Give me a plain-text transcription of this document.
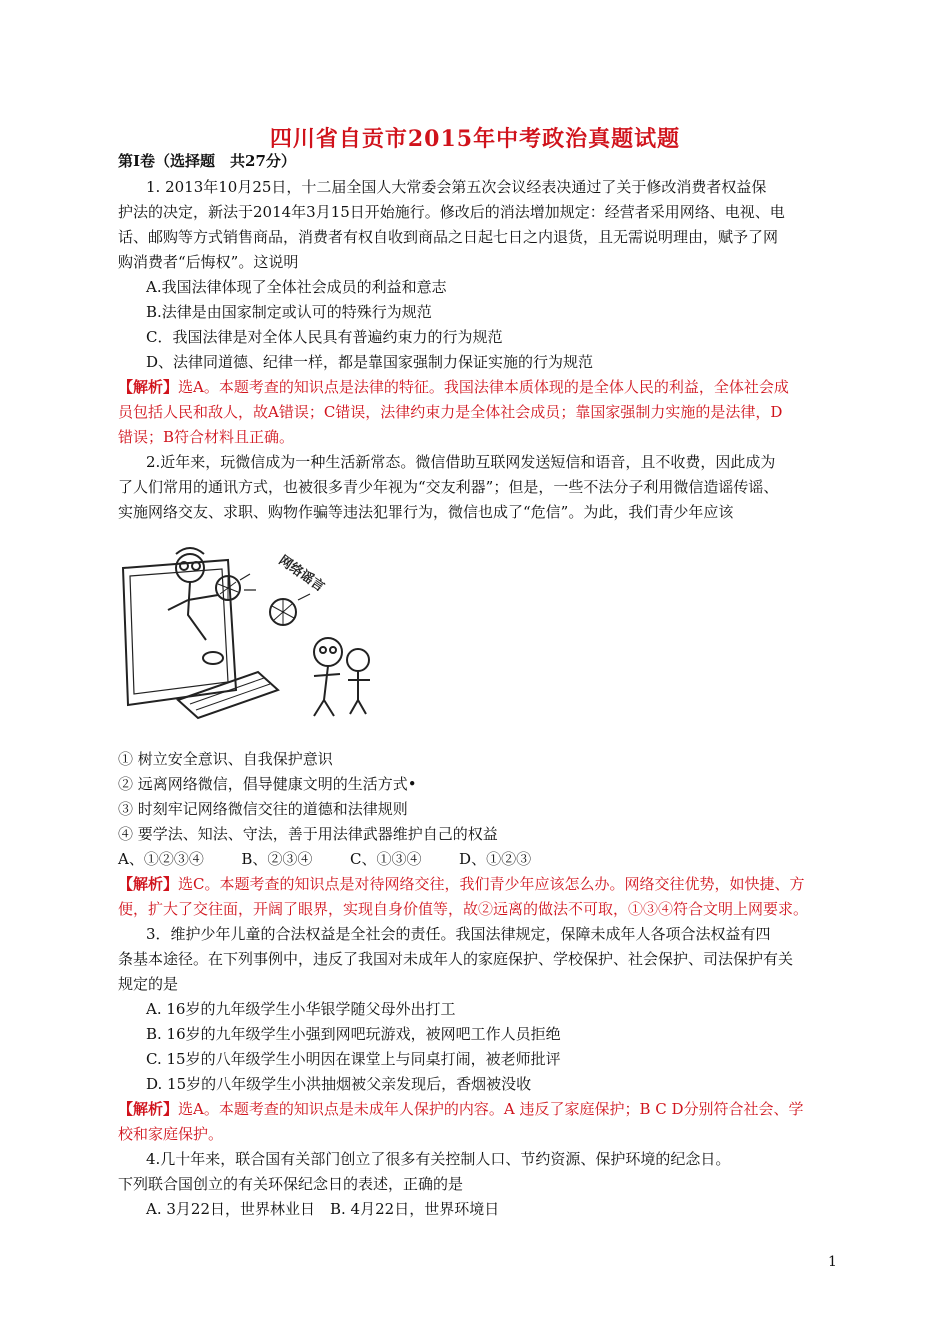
四川省自贡市2015年中考政治真题试题
第Ⅰ卷（选择题　共27分）
1. 2013年10月25日，十二届全国人大常委会第五次会议经表决通过了关于修改消费者权益保
护法的决定，新法于2014年3月15日开始施行。修改后的消法增加规定：经营者采用网络、电视、电
话、邮购等方式销售商品，消费者有权自收到商品之日起七日之内退货，且无需说明理由，赋予了网
购消费者“后悔权”。这说明
A.我国法律体现了全体社会成员的利益和意志
B.法律是由国家制定或认可的特殊行为规范
C．我国法律是对全体人民具有普遍约束力的行为规范
D、法律同道德、纪律一样，都是靠国家强制力保证实施的行为规范
【解析】选A。本题考查的知识点是法律的特征。我国法律本质体现的是全体人民的利益，全体社会成
员包括人民和敌人，故A错误；C错误，法律约束力是全体社会成员；靠国家强制力实施的是法律，D
错误；B符合材料且正确。
2.近年来，玩微信成为一种生活新常态。微信借助互联网发送短信和语音，且不收费，因此成为
了人们常用的通讯方式，也被很多青少年视为“交友利器”；但是，一些不法分子利用微信造谣传谣、
实施网络交友、求职、购物作骗等违法犯罪行为，微信也成了“危信”。为此，我们青少年应该
网络谣言
① 树立安全意识、自我保护意识
② 远离网络微信，倡导健康文明的生活方式•
③ 时刻牢记网络微信交往的道德和法律规则
④ 要学法、知法、守法，善于用法律武器维护自己的权益
A、①②③④	B、②③④	C、①③④	D、①②③
【解析】选C。本题考查的知识点是对待网络交往，我们青少年应该怎么办。网络交往优势，如快捷、方
便，扩大了交往面，开阔了眼界，实现自身价值等，故②远离的做法不可取，①③④符合文明上网要求。
3．维护少年儿童的合法权益是全社会的责任。我国法律规定，保障未成年人各项合法权益有四
条基本途径。在下列事例中，违反了我国对未成年人的家庭保护、学校保护、社会保护、司法保护有关
规定的是
A. 16岁的九年级学生小华银学随父母外出打工
B. 16岁的九年级学生小强到网吧玩游戏，被网吧工作人员拒绝
C. 15岁的八年级学生小明因在课堂上与同桌打闹，被老师批评
D. 15岁的八年级学生小洪抽烟被父亲发现后，香烟被没收
【解析】选A。本题考查的知识点是未成年人保护的内容。A 违反了家庭保护；B C D分别符合社会、学
校和家庭保护。
4.几十年来，联合国有关部门创立了很多有关控制人口、节约资源、保护环境的纪念日。
下列联合国创立的有关环保纪念日的表述，正确的是
A. 3月22日，世界林业日　B. 4月22日，世界环境日
1
